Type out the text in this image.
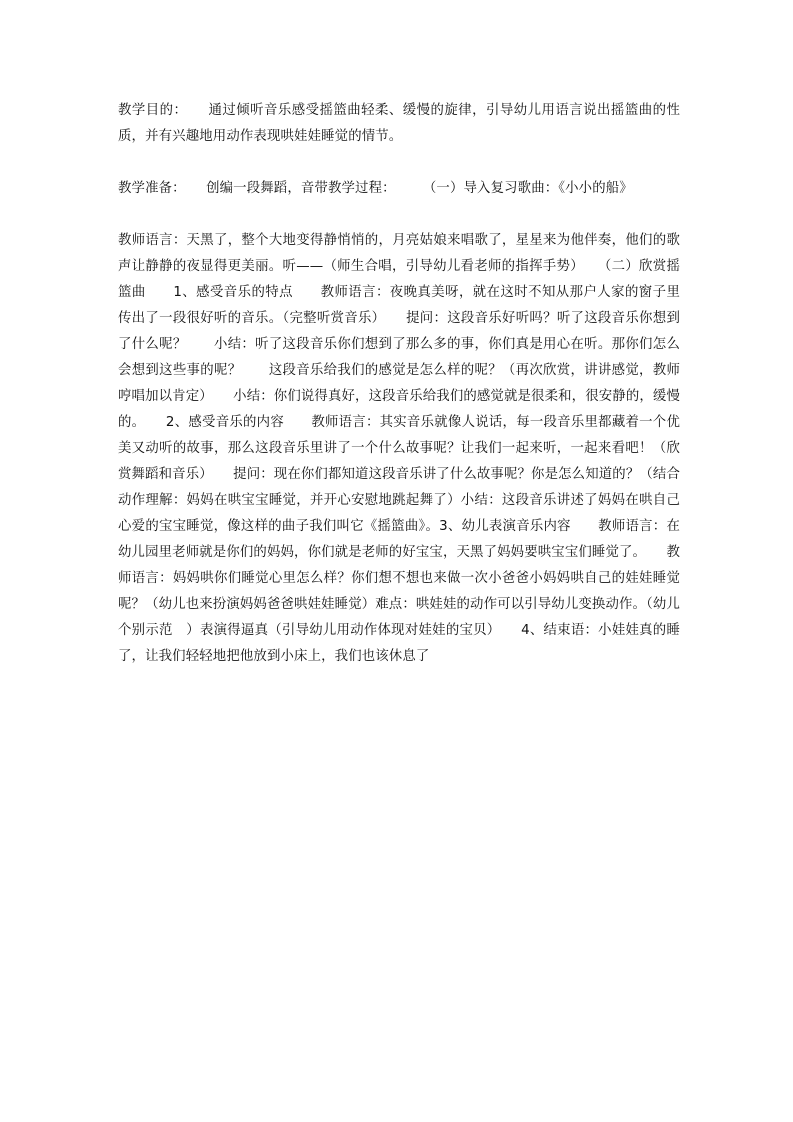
教学目的：　　通过倾听音乐感受摇篮曲轻柔、缓慢的旋律，引导幼儿用语言说出摇篮曲的性质，并有兴趣地用动作表现哄娃娃睡觉的情节。

教学准备：　　创编一段舞蹈，音带教学过程：　　　（一）导入复习歌曲：《小小的船》

教师语言：天黑了，整个大地变得静悄悄的，月亮姑娘来唱歌了，星星来为他伴奏，他们的歌声让静静的夜显得更美丽。听——（师生合唱，引导幼儿看老师的指挥手势）　　（二）欣赏摇篮曲　　1、感受音乐的特点　　教师语言：夜晚真美呀，就在这时不知从那户人家的窗子里传出了一段很好听的音乐。（完整听赏音乐）　　提问：这段音乐好听吗？听了这段音乐你想到了什么呢？　　小结：听了这段音乐你们想到了那么多的事，你们真是用心在听。那你们怎么会想到这些事的呢？　　这段音乐给我们的感觉是怎么样的呢？（再次欣赏，讲讲感觉，教师哼唱加以肯定）　　小结：你们说得真好，这段音乐给我们的感觉就是很柔和，很安静的，缓慢的。　　2、感受音乐的内容　　教师语言：其实音乐就像人说话，每一段音乐里都藏着一个优美又动听的故事，那么这段音乐里讲了一个什么故事呢？让我们一起来听，一起来看吧！（欣赏舞蹈和音乐）　　提问：现在你们都知道这段音乐讲了什么故事呢？你是怎么知道的？（结合动作理解：妈妈在哄宝宝睡觉，并开心安慰地跳起舞了）小结：这段音乐讲述了妈妈在哄自己心爱的宝宝睡觉，像这样的曲子我们叫它《摇篮曲》。3、幼儿表演音乐内容　　教师语言：在幼儿园里老师就是你们的妈妈，你们就是老师的好宝宝，天黑了妈妈要哄宝宝们睡觉了。　　教师语言：妈妈哄你们睡觉心里怎么样？你们想不想也来做一次小爸爸小妈妈哄自己的娃娃睡觉呢？（幼儿也来扮演妈妈爸爸哄娃娃睡觉）难点：哄娃娃的动作可以引导幼儿变换动作。（幼儿个别示范　）表演得逼真（引导幼儿用动作体现对娃娃的宝贝）　　4、结束语：小娃娃真的睡了，让我们轻轻地把他放到小床上，我们也该休息了
